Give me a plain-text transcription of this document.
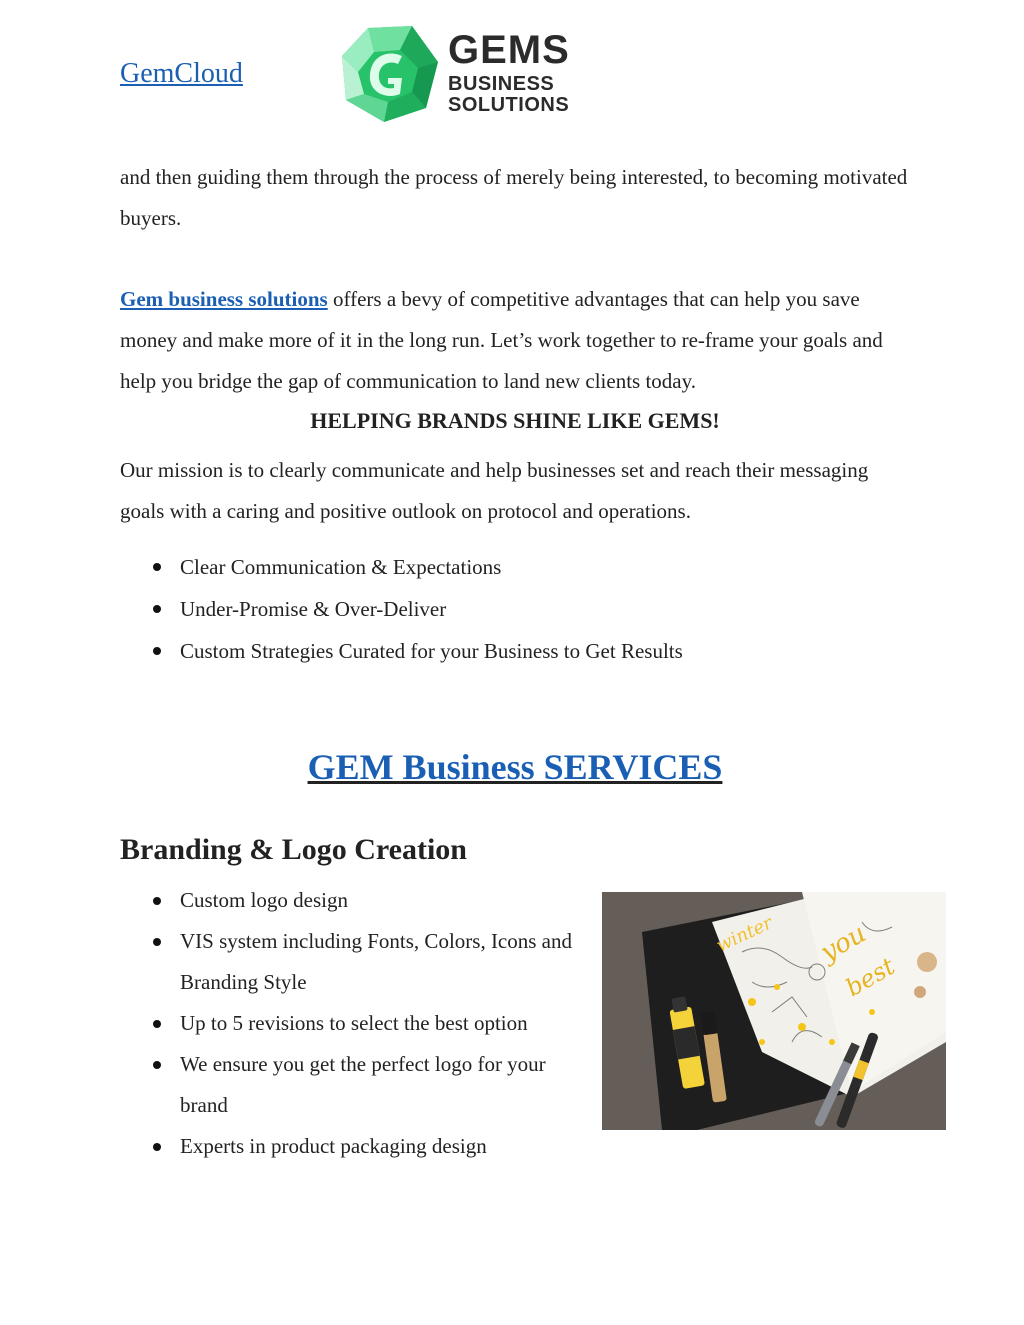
GemCloud
GEMS
BUSINESS
SOLUTIONS

and then guiding them through the process of merely being interested, to becoming motivated buyers.

Gem business solutions offers a bevy of competitive advantages that can help you save money and make more of it in the long run. Let’s work together to re-frame your goals and help you bridge the gap of communication to land new clients today.

HELPING BRANDS SHINE LIKE GEMS!

Our mission is to clearly communicate and help businesses set and reach their messaging goals with a caring and positive outlook on protocol and operations.

Clear Communication & Expectations
Under-Promise & Over-Deliver
Custom Strategies Curated for your Business to Get Results
GEM Business SERVICES
Branding & Logo Creation
Custom logo design
VIS system including Fonts, Colors, Icons and Branding Style
Up to 5 revisions to select the best option
We ensure you get the perfect logo for your brand
Experts in product packaging design
winter you
best
